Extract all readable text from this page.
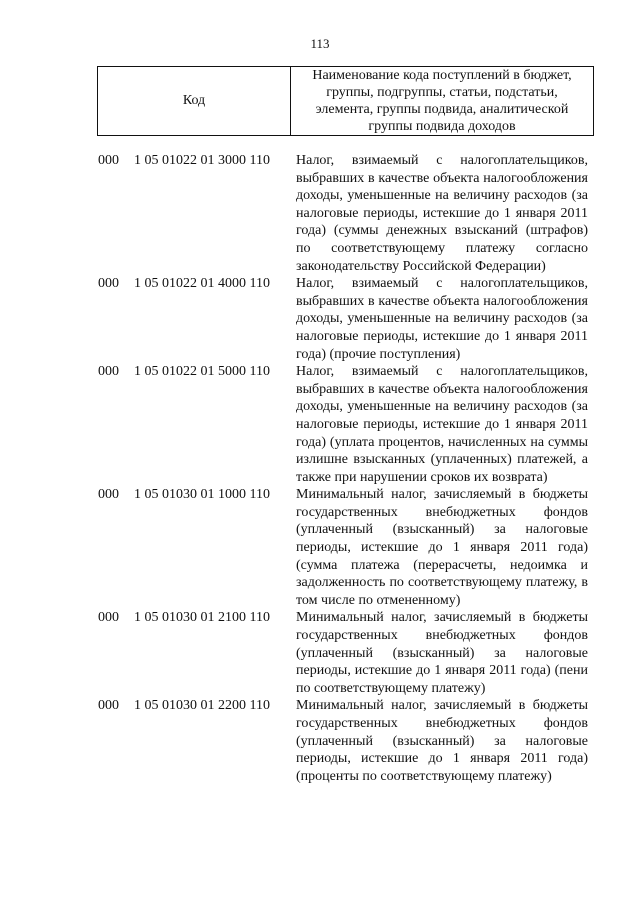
113
Код
Наименование кода поступлений в бюджет, группы, подгруппы, статьи, подстатьи, элемента, группы подвида, аналитической группы подвида доходов
000	1 05 01022 01 3000 110	Налог, взимаемый с налогоплательщиков, выбравших в качестве объекта налогообложения доходы, уменьшенные на величину расходов (за налоговые периоды, истекшие до 1 января 2011 года) (суммы денежных взысканий (штрафов) по соответствующему платежу согласно законодательству Российской Федерации)
000	1 05 01022 01 4000 110	Налог, взимаемый с налогоплательщиков, выбравших в качестве объекта налогообложения доходы, уменьшенные на величину расходов (за налоговые периоды, истекшие до 1 января 2011 года) (прочие поступления)
000	1 05 01022 01 5000 110	Налог, взимаемый с налогоплательщиков, выбравших в качестве объекта налогообложения доходы, уменьшенные на величину расходов (за налоговые периоды, истекшие до 1 января 2011 года) (уплата процентов, начисленных на суммы излишне взысканных (уплаченных) платежей, а также при нарушении сроков их возврата)
000	1 05 01030 01 1000 110	Минимальный налог, зачисляемый в бюджеты государственных внебюджетных фондов (уплаченный (взысканный) за налоговые периоды, истекшие до 1 января 2011 года) (сумма платежа (перерасчеты, недоимка и задолженность по соответствующему платежу, в том числе по отмененному)
000	1 05 01030 01 2100 110	Минимальный налог, зачисляемый в бюджеты государственных внебюджетных фондов (уплаченный (взысканный) за налоговые периоды, истекшие до 1 января 2011 года) (пени по соответствующему платежу)
000	1 05 01030 01 2200 110	Минимальный налог, зачисляемый в бюджеты государственных внебюджетных фондов (уплаченный (взысканный) за налоговые периоды, истекшие до 1 января 2011 года) (проценты по соответствующему платежу)
